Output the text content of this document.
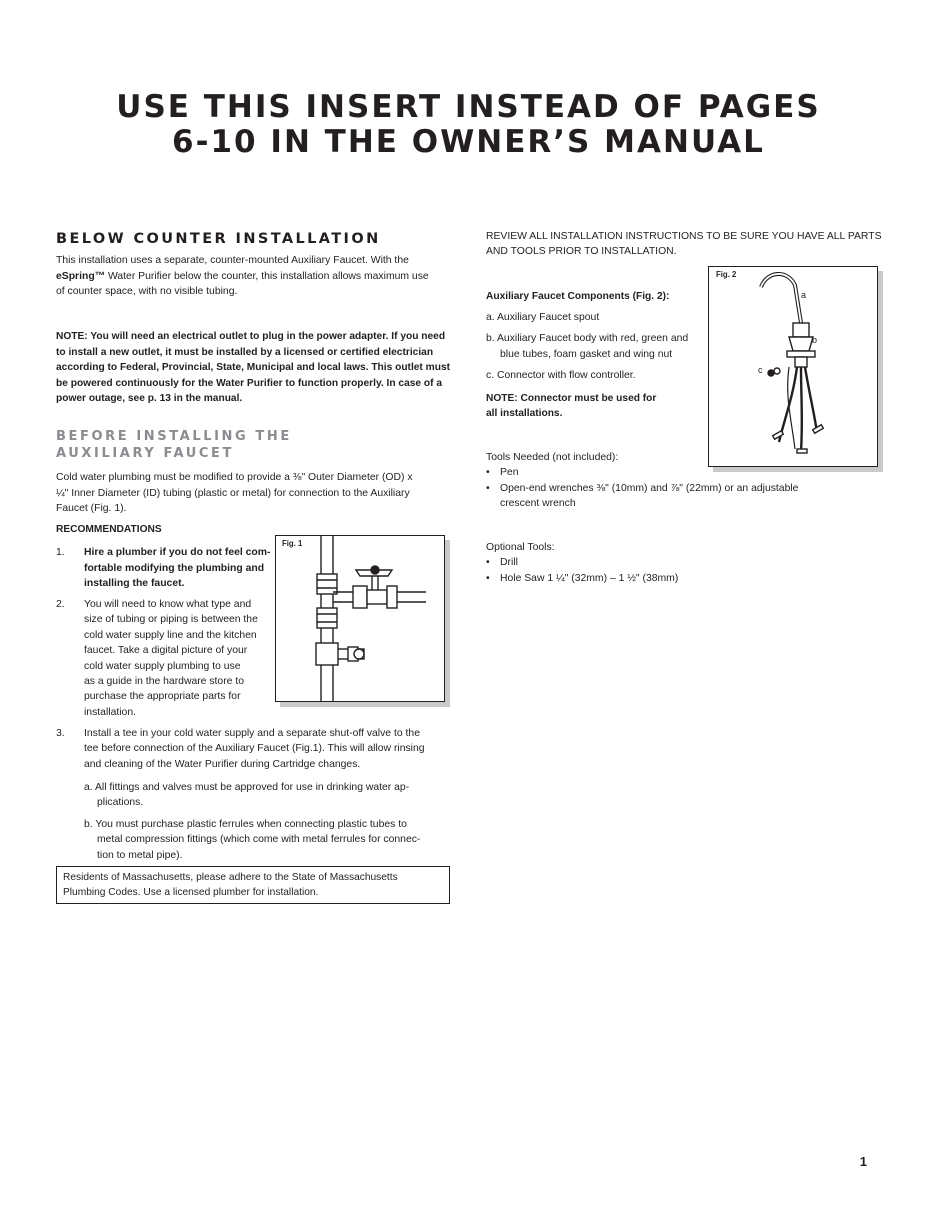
USE THIS INSERT INSTEAD OF PAGES
6-10 IN THE OWNER’S MANUAL
BELOW COUNTER INSTALLATION
This installation uses a separate, counter-mounted Auxiliary Faucet. With the
eSpring™ Water Purifier below the counter, this installation allows maximum use
of counter space, with no visible tubing.
NOTE: You will need an electrical outlet to plug in the power adapter. If you need
to install a new outlet, it must be installed by a licensed or certified electrician
according to Federal, Provincial, State, Municipal and local laws. This outlet must
be powered continuously for the Water Purifier to function properly. In case of a
power outage, see p. 13 in the manual.
BEFORE INSTALLING THE
AUXILIARY FAUCET
Cold water plumbing must be modified to provide a ⅜" Outer Diameter (OD) x
¼" Inner Diameter (ID) tubing (plastic or metal) for connection to the Auxiliary
Faucet (Fig. 1).
RECOMMENDATIONS
1. Hire a plumber if you do not feel com-
fortable modifying the plumbing and
installing the faucet.
2. You will need to know what type and
size of tubing or piping is between the
cold water supply line and the kitchen
faucet. Take a digital picture of your
cold water supply plumbing to use
as a guide in the hardware store to
purchase the appropriate parts for
installation.
Fig. 1
3. Install a tee in your cold water supply and a separate shut-off valve to the
tee before connection of the Auxiliary Faucet (Fig.1). This will allow rinsing
and cleaning of the Water Purifier during Cartridge changes.
a. All fittings and valves must be approved for use in drinking water ap-
plications.
b. You must purchase plastic ferrules when connecting plastic tubes to
metal compression fittings (which come with metal ferrules for connec-
tion to metal pipe).
Residents of Massachusetts, please adhere to the State of Massachusetts
Plumbing Codes. Use a licensed plumber for installation.
REVIEW ALL INSTALLATION INSTRUCTIONS TO BE SURE YOU HAVE ALL PARTS
AND TOOLS PRIOR TO INSTALLATION.
Auxiliary Faucet Components (Fig. 2):
a. Auxiliary Faucet spout
b. Auxiliary Faucet body with red, green and
blue tubes, foam gasket and wing nut
c. Connector with flow controller.
NOTE: Connector must be used for
all installations.
Fig. 2
a
b
c
Tools Needed (not included):
• Pen
• Open-end wrenches ⅜" (10mm) and ⅞" (22mm) or an adjustable
crescent wrench
Optional Tools:
• Drill
• Hole Saw 1 ¼" (32mm) – 1 ½" (38mm)
1
